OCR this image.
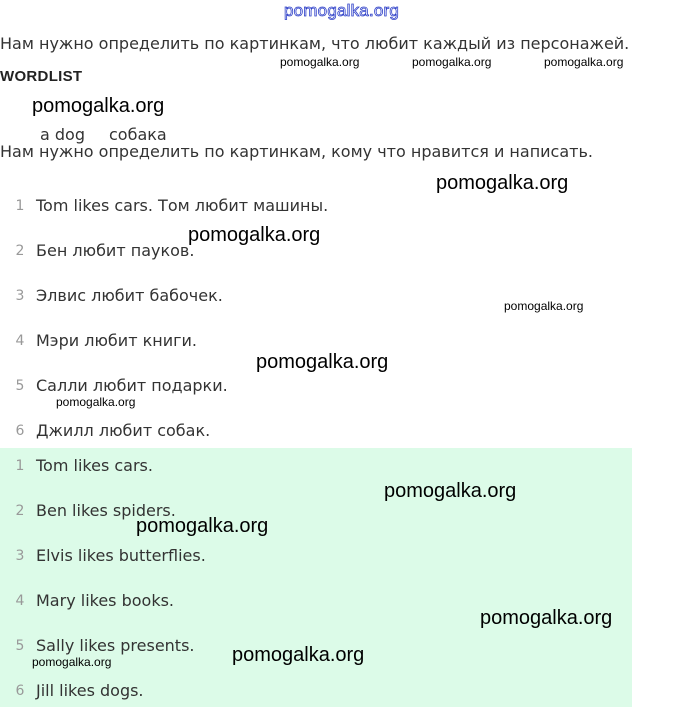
pomogalka.org
Нам нужно определить по картинкам, что любит каждый из персонажей.
WORDLIST
a dog собака
Нам нужно определить по картинкам, кому что нравится и написать.
1 Tom likes cars. Том любит машины.
2 Бен любит пауков.
3 Элвис любит бабочек.
4 Мэри любит книги.
5 Салли любит подарки.
6 Джилл любит собак.
1 Tom likes cars.
2 Ben likes spiders.
3 Elvis likes butterflies.
4 Mary likes books.
5 Sally likes presents.
6 Jill likes dogs.
pomogalka.org	pomogalka.org	pomogalka.org
pomogalka.org
pomogalka.org
pomogalka.org
pomogalka.org
pomogalka.org
pomogalka.org
pomogalka.org
pomogalka.org
pomogalka.org
pomogalka.org
pomogalka.org
